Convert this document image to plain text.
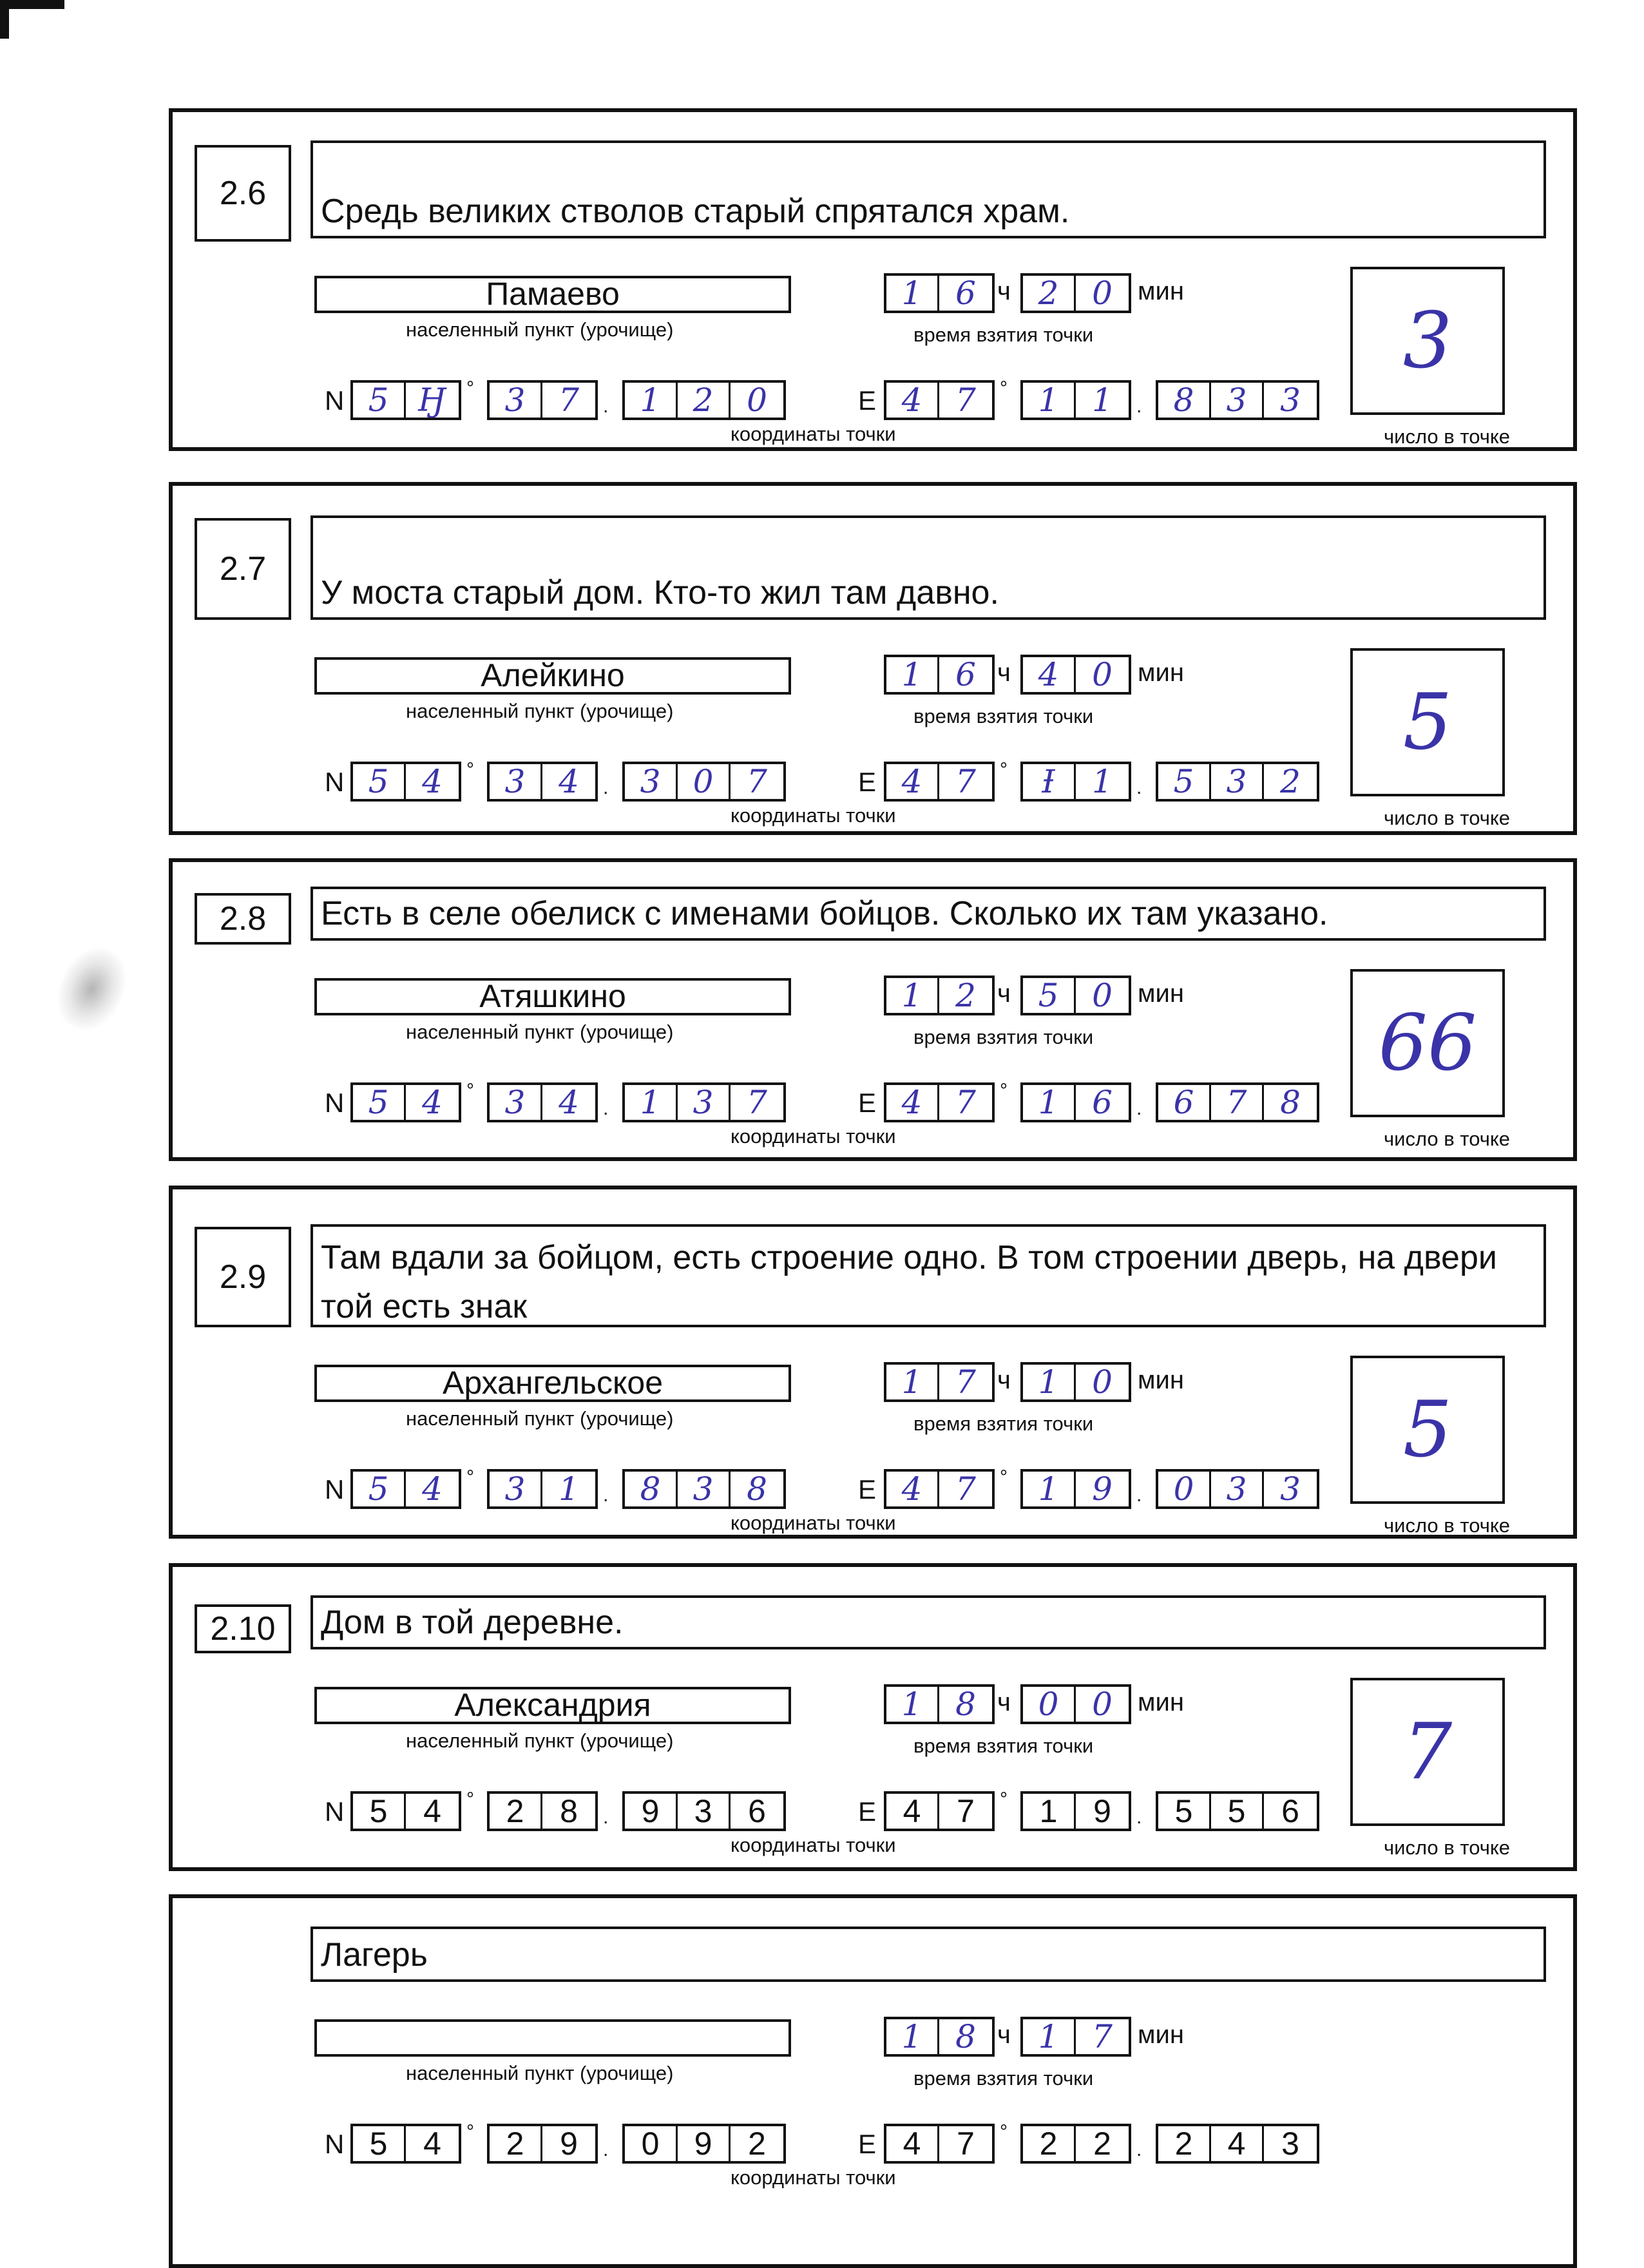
2.6	Средь великих стволов старый спрятался храм.
Памаево
населенный пункт (урочище)
1	6 ч 2	0 мин
время взятия точки
N 5 Ӈ	° 3	7	. 1	2	0	E 4	7	° 1	1	. 8	3	3
координаты точки
3
число в точке
2.7
У моста старый дом. Кто-то жил там давно.
Алейкино
населенный пункт (урочище)
1	6 ч 4	0 мин
время взятия точки
N 5	4	° 3	4	. 3	0	7	E 4	7	°	Ɨ	1	. 5	3	2
координаты точки
5
число в точке
2.8	Есть в селе обелиск с именами бойцов. Сколько их там указано.
Атяшкино
населенный пункт (урочище)
1	2 ч 5	0 мин
время взятия точки
N 5	4	° 3	4	. 1	3	7	E 4	7	° 1	6	. 6	7	8
координаты точки
66
число в точке
2.9
Там вдали за бойцом, есть строение одно. В том строении дверь, на двери той есть знак
Архангельское
населенный пункт (урочище)
1	7 ч 1	0 мин
время взятия точки
N 5	4	° 3	1	. 8	3	8	E 4	7	° 1	9	. 0	3	3
координаты точки
5
число в точке
2.10	Дом в той деревне.
Александрия
населенный пункт (урочище)
1	8 ч 0	0 мин
время взятия точки
N 5	4	° 2	8	.	9	3	6	E 4	7	° 1	9	.	5	5	6
координаты точки
7
число в точке
Лагерь
населенный пункт (урочище)
1	8 ч 1	7 мин
время взятия точки
N 5	4	° 2	9	.	0	9	2	E 4	7	° 2	2	.	2	4	3
координаты точки
